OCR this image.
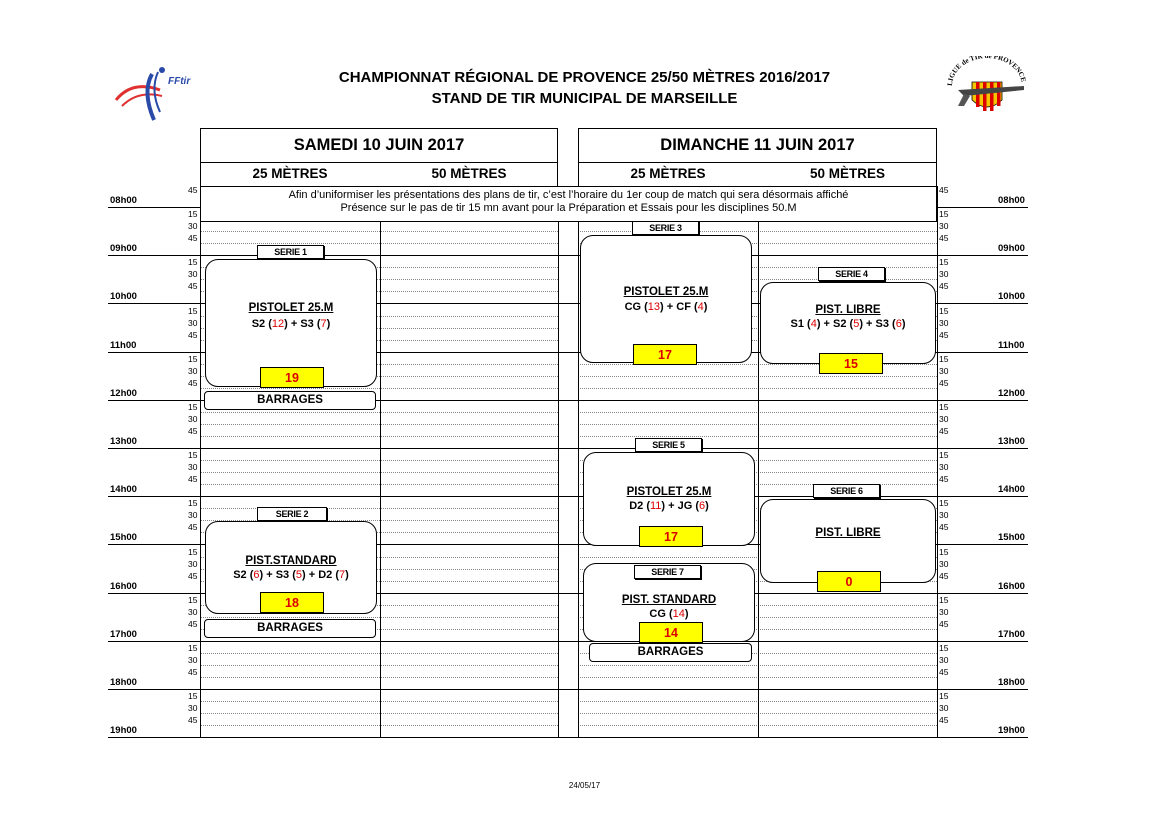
FFtir	LIGUE de TIR de PROVENCE
CHAMPIONNAT RÉGIONAL DE PROVENCE 25/50 MÈTRES 2016/2017
STAND DE TIR MUNICIPAL DE MARSEILLE
SAMEDI 10 JUIN 2017	DIMANCHE 11 JUIN 2017
25 MÈTRES	50 MÈTRES	25 MÈTRES	50 MÈTRES
45	45
08h00	08h00
15	15
30	30
45	45
09h00	09h00
15	15
30	30
45	45
10h00	10h00
15	15
30	30
45	45
11h00	11h00
15	15
30	30
45	45
12h00	12h00
15	15
30	30
45	45
13h00	13h00
15	15
30	30
45	45
14h00	14h00
15	15
30	30
45	45
15h00	15h00
15	15
30	30
45	45
16h00	16h00
15	15
30	30
45	45
17h00	17h00
15	15
30	30
45	45
18h00	18h00
15	15
30	30
45	45
19h00	19h00
Afin d’uniformiser les présentations des plans de tir, c’est l’horaire du 1er coup de match qui sera désormais affiché
Présence sur le pas de tir 15 mn avant pour la Préparation et Essais pour les disciplines 50.M
PISTOLET 25.M
S2 (12) + S3 (7)
SERIE 1
19
BARRAGES
PIST.STANDARD
S2 (6) + S3 (5) + D2 (7)
SERIE 2
18
BARRAGES
PISTOLET 25.M
CG (13) + CF (4)
SERIE 3
17
PIST. LIBRE
S1 (4) + S2 (5) + S3 (6)
SERIE 4
15
PISTOLET 25.M
D2 (11) + JG (6)
SERIE 5
17	PIST. LIBRE
SERIE 6
0
PIST. STANDARD
CG (14)
SERIE 7
14
BARRAGES
24/05/17
